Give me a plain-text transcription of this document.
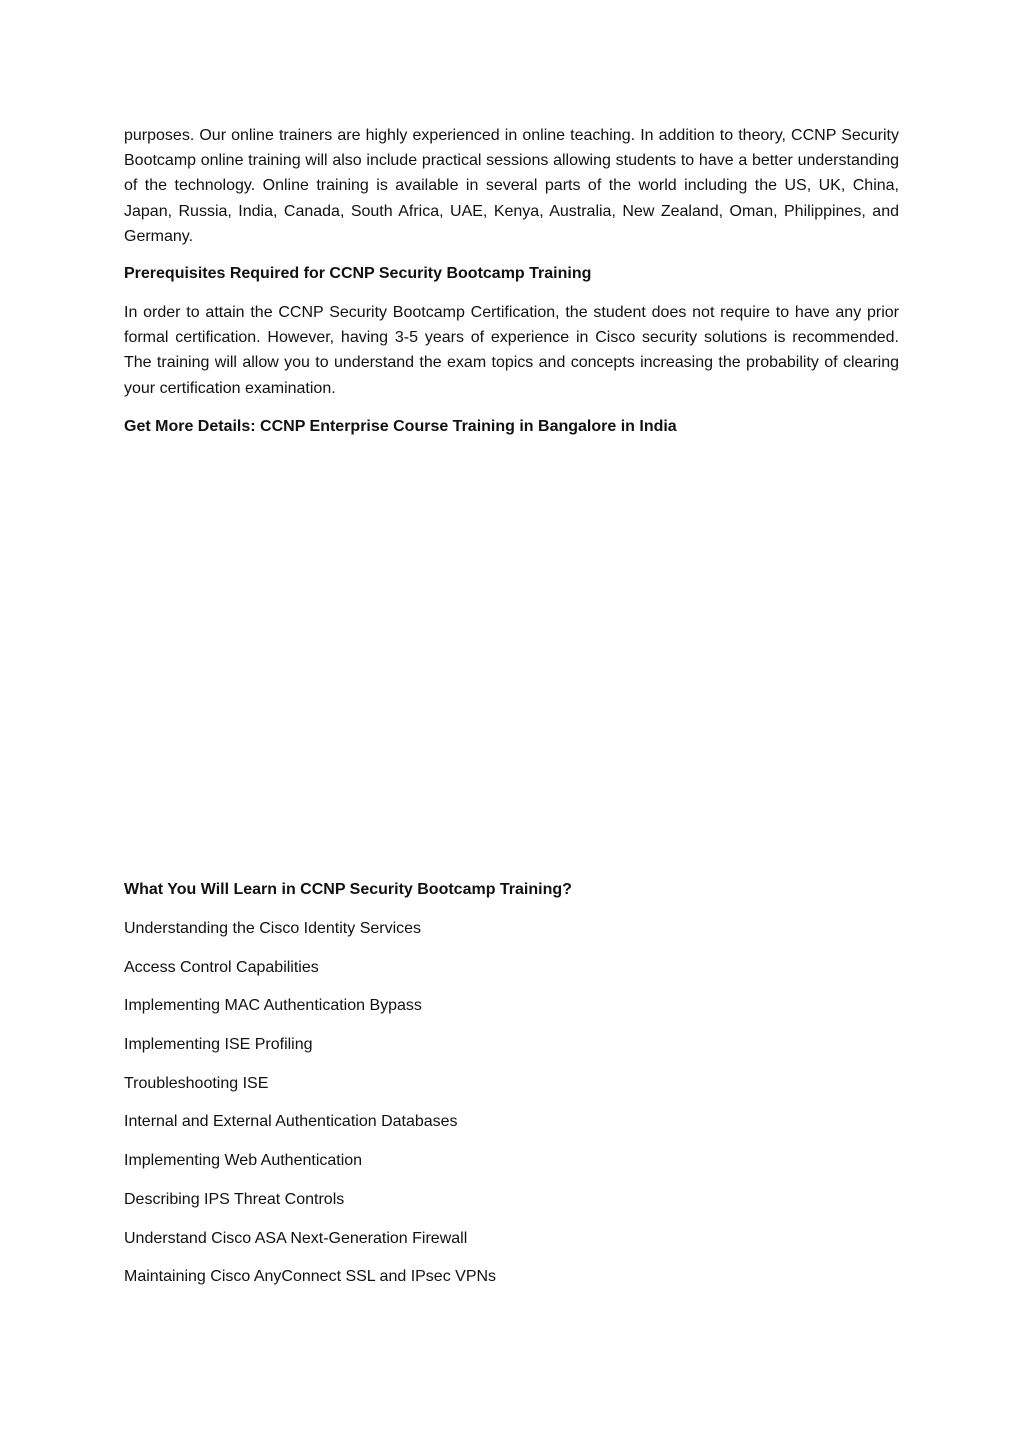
purposes. Our online trainers are highly experienced in online teaching. In addition to theory, CCNP Security Bootcamp online training will also include practical sessions allowing students to have a better understanding of the technology. Online training is available in several parts of the world including the US, UK, China, Japan, Russia, India, Canada, South Africa, UAE, Kenya, Australia, New Zealand, Oman, Philippines, and Germany.

Prerequisites Required for CCNP Security Bootcamp Training

In order to attain the CCNP Security Bootcamp Certification, the student does not require to have any prior formal certification. However, having 3-5 years of experience in Cisco security solutions is recommended. The training will allow you to understand the exam topics and concepts increasing the probability of clearing your certification examination.

Get More Details: CCNP Enterprise Course Training in Bangalore in India

What You Will Learn in CCNP Security Bootcamp Training?

Understanding the Cisco Identity Services

Access Control Capabilities

Implementing MAC Authentication Bypass

Implementing ISE Profiling

Troubleshooting ISE

Internal and External Authentication Databases

Implementing Web Authentication

Describing IPS Threat Controls

Understand Cisco ASA Next-Generation Firewall

Maintaining Cisco AnyConnect SSL and IPsec VPNs
